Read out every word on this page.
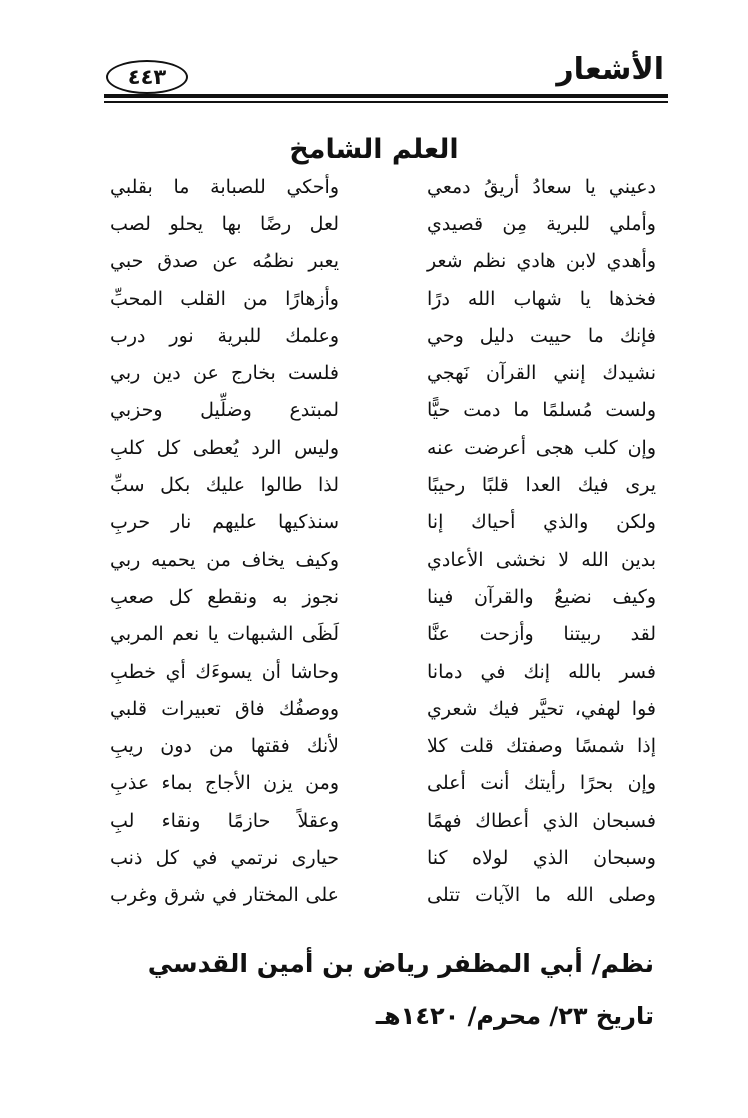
الأشعار
٤٤٣
العلم الشامخ
دعيني يا سعادُ أريقُ دمعي
وأحكي للصبابة ما بقلبي
وأملي للبرية مِن قصيدي
لعل رضًا بها يحلو لصب
وأهدي لابن هادي نظم شعر
يعبر نظمُه عن صدق حبي
فخذها يا شهاب الله درًا
وأزهارًا من القلب المحبِّ
فإنك ما حييت دليل وحي
وعلمك للبرية نور درب
نشيدك إنني القرآن نَهجي
فلست بخارج عن دين ربي
ولست مُسلمًا ما دمت حيًّا
لمبتدع وضلِّيل وحزبي
وإن كلب هجى أعرضت عنه
وليس الرد يُعطى كل كلبِ
يرى فيك العدا قلبًا رحيبًا
لذا طالوا عليك بكل سبِّ
ولكن والذي أحياك إنا
سنذكيها عليهم نار حربِ
بدين الله لا نخشى الأعادي
وكيف يخاف من يحميه ربي
وكيف نضيعُ والقرآن فينا
نجوز به ونقطع كل صعبِ
لقد ربيتنا وأزحت عنَّا
لَظَى الشبهات يا نعم المربي
فسر بالله إنك في دمانا
وحاشا أن يسوءَك أي خطبِ
فوا لهفي، تحيَّر فيك شعري
ووصفُك فاق تعبيرات قلبي
إذا شمسًا وصفتك قلت كلا
لأنك فقتها من دون ريبِ
وإن بحرًا رأيتك أنت أعلى
ومن يزن الأجاج بماء عذبِ
فسبحان الذي أعطاك فهمًا
وعقلاً حازمًا ونقاء لبِ
وسبحان الذي لولاه كنا
حيارى نرتمي في كل ذنب
وصلى الله ما الآيات تتلى
على المختار في شرق وغرب
نظم/ أبي المظفر رياض بن أمين القدسي
تاريخ ٢٣/ محرم/ ١٤٢٠هـ
